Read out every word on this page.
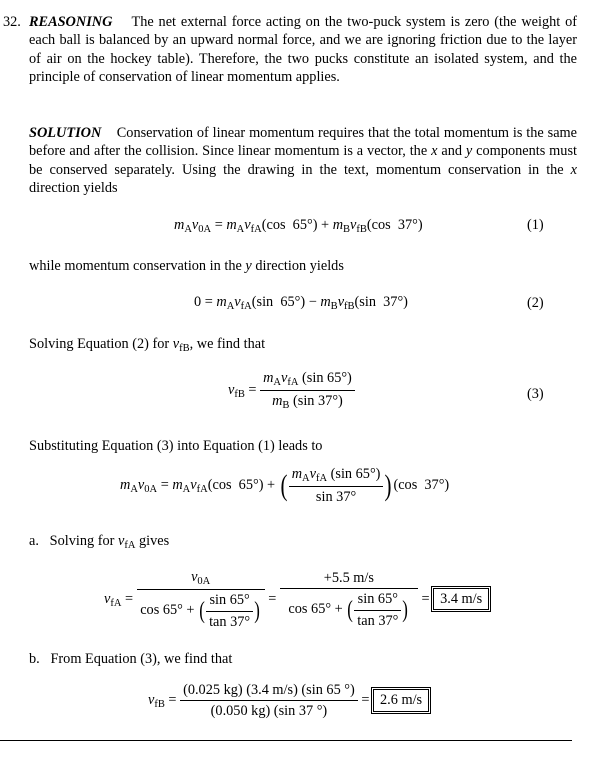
32. REASONING The net external force acting on the two-puck system is zero (the weight of each ball is balanced by an upward normal force, and we are ignoring friction due to the layer of air on the hockey table). Therefore, the two pucks constitute an isolated system, and the principle of conservation of linear momentum applies.
SOLUTION Conservation of linear momentum requires that the total momentum is the same before and after the collision. Since linear momentum is a vector, the x and y components must be conserved separately. Using the drawing in the text, momentum conservation in the x direction yields
$m_Av_{0A} = m_Av_{fA}(\cos$  $65^\circ) + m_Bv_{fB}(\cos$  37°)	(1)
while momentum conservation in the y direction yields
$0 = m_Av_{fA}(\sin$  $65^\circ) - m_Bv_{fB}(\sin$  37°)	(2)
Solving Equation (2) for $v_{fB}$, we find that
$v_{fB} = \frac{m_Av_{fA} (\sin 65^\circ)}{m_B (\sin 37^\circ)}$	(3)
Substituting Equation (3) into Equation (1) leads to
$m_Av_{0A} = m_Av_{fA}(\cos$  65°) + ( $\frac{m_Av_{fA} (\sin 65^\circ)}{\sin 37^\circ}$ ) (cos  37°)
a. Solving for $v_{fA}$ gives
$v_{fA} = \frac{v_{0A}}{\cos 65^\circ + ( \frac{\sin 65^\circ}{\tan 37^\circ} )} = \frac{+5.5 m/s}{\cos 65^\circ + ( \frac{\sin 65^\circ}{\tan 37^\circ} )} = 3.4$ m/s
b. From Equation (3), we find that
$v_{fB} = \frac{(0.025 kg) (3.4 m/s) (\sin 65 ^\circ)}{(0.050 kg) (\sin 37 ^\circ)} = 2.6$ m/s
